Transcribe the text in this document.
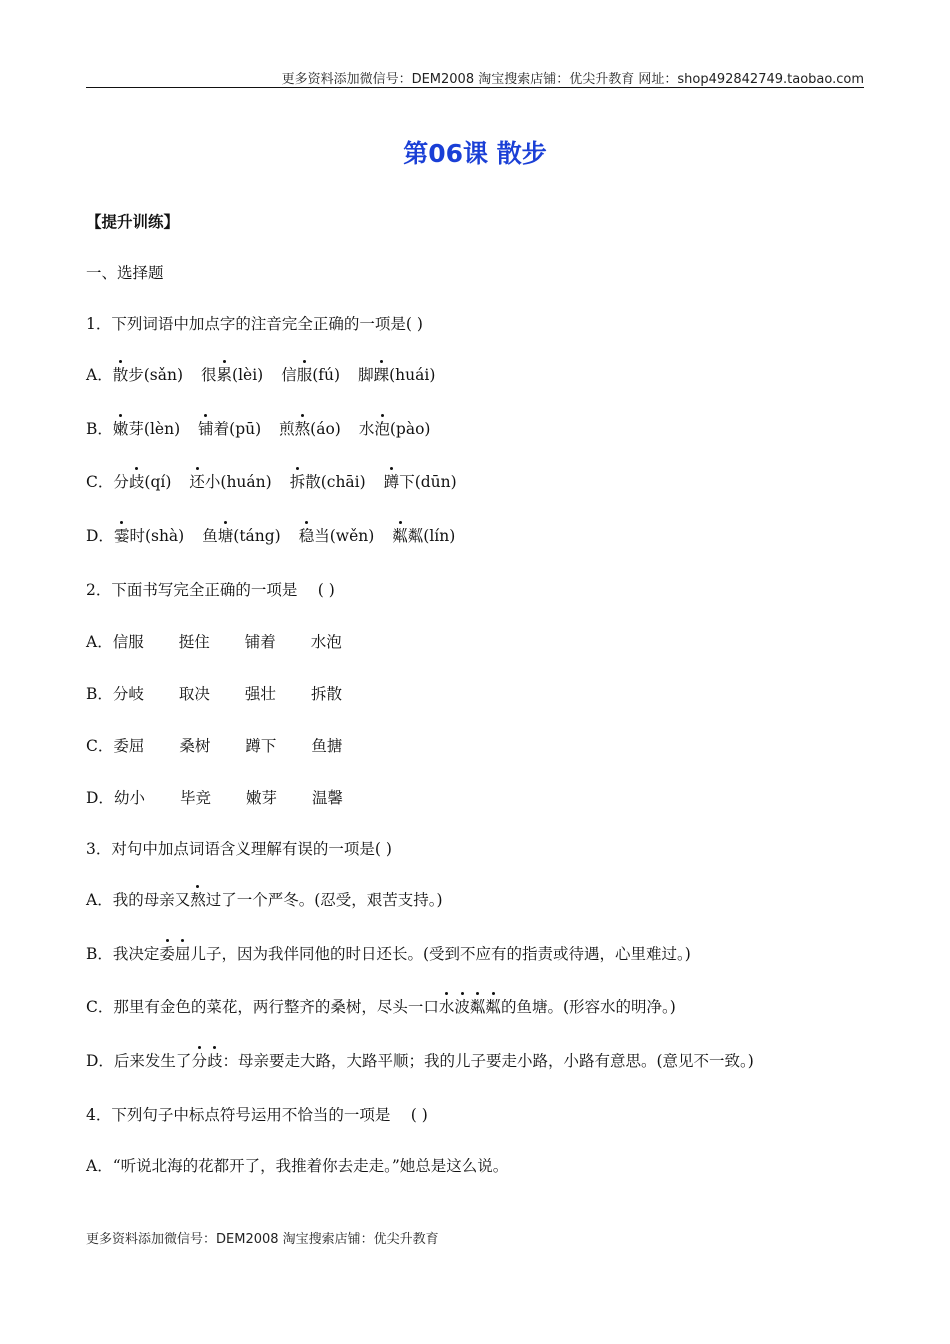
更多资料添加微信号：DEM2008 淘宝搜索店铺：优尖升教育 网址：shop492842749.taobao.com
第06课 散步
【提升训练】
一、选择题
1．下列词语中加点字的注音完全正确的一项是( )
A．散步(sǎn) 很累(lèi) 信服(fú) 脚踝(huái)
B．嫩芽(lèn) 铺着(pū) 煎熬(áo) 水泡(pào)
C．分歧(qí) 还小(huán) 拆散(chāi) 蹲下(dūn)
D．霎时(shà) 鱼塘(táng) 稳当(wěn) 粼粼(lín)
2．下面书写完全正确的一项是　 ( )
A．信服 挺住 铺着 水泡
B．分岐 取决 强壮 拆散
C．委屈 桑树 蹲下 鱼搪
D．幼小 毕竞 嫩芽 温馨
3．对句中加点词语含义理解有误的一项是( )
A．我的母亲又熬过了一个严冬。(忍受，艰苦支持。)
B．我决定委屈儿子，因为我伴同他的时日还长。(受到不应有的指责或待遇，心里难过。)
C．那里有金色的菜花，两行整齐的桑树，尽头一口水波粼粼的鱼塘。(形容水的明净。)
D．后来发生了分歧：母亲要走大路，大路平顺；我的儿子要走小路，小路有意思。(意见不一致。)
4．下列句子中标点符号运用不恰当的一项是　 ( )
A．“听说北海的花都开了，我推着你去走走。”她总是这么说。
更多资料添加微信号：DEM2008 淘宝搜索店铺：优尖升教育
